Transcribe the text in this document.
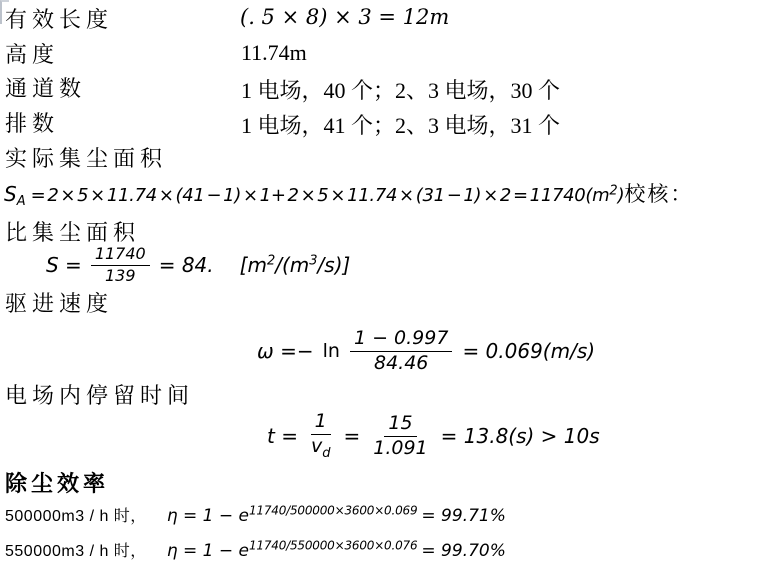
有效长度	(. 5 × 8) × 3 = 12m
高度	11.74m
通道数	1 电场，40 个；2、3 电场，30 个
排数	1 电场，41 个；2、3 电场，31 个
实际集尘面积
$S_A = 2 \times 5 \times 11.74 \times (41 - 1) \times 1+ 2 \times 5 \times 11.74 \times (31 - 1) \times 2 = 11740(m^2)$校核：
比集尘面积
$S = \frac{11740}{139} = 84$. $[m^2/(m^3/s)]$
驱进速度
$\omega =- \ln \frac{1 - 0.997}{84.46} = 0.069(m/s)$
电场内停留时间
$t = \frac{1}{v_d} = \frac{15}{1.091} = 13.8(s) > 10s$
除尘效率
500000m3 / h 时， $\eta = 1 - e^{11740/500000\times 3600\times 0.069} = 99.71\%$
550000m3 / h 时， $\eta = 1 - e^{11740/550000\times 3600\times 0.076} = 99.70\%$
